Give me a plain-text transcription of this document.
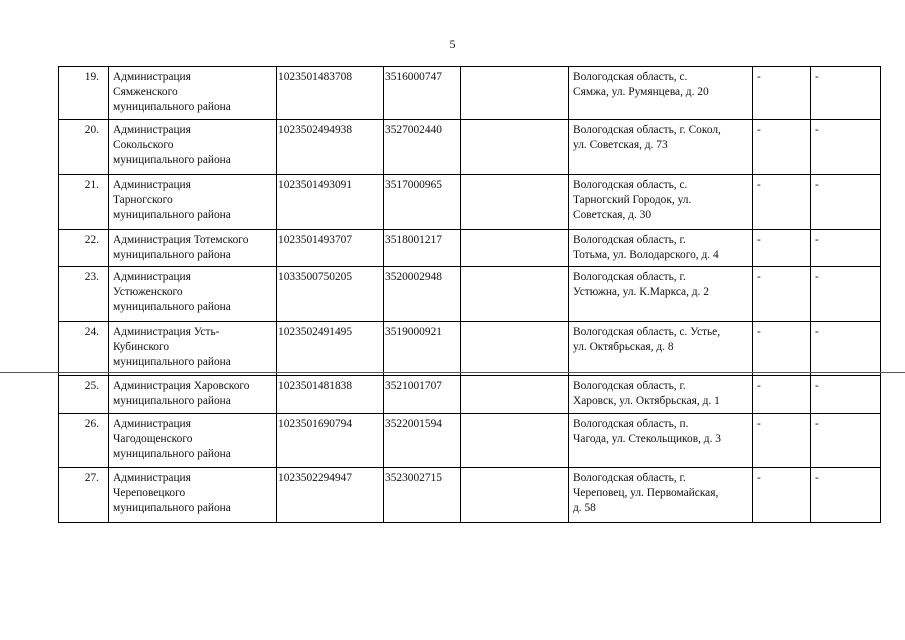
5
19.	Администрация
Сямженского
муниципального района	1023501483708	3516000747		Вологодская область, с.
Сямжа, ул. Румянцева, д. 20	-	-
20.	Администрация
Сокольского
муниципального района	1023502494938	3527002440		Вологодская область, г. Сокол,
ул. Советская, д. 73	-	-
21.	Администрация
Тарногского
муниципального района	1023501493091	3517000965		Вологодская область, с.
Тарногский Городок, ул.
Советская, д. 30	-	-
22.	Администрация Тотемского
муниципального района	1023501493707	3518001217		Вологодская область, г.
Тотьма, ул. Володарского, д. 4	-	-
23.	Администрация
Устюженского
муниципального района	1033500750205	3520002948		Вологодская область, г.
Устюжна, ул. К.Маркса, д. 2	-	-
24.	Администрация Усть-
Кубинского
муниципального района	1023502491495	3519000921		Вологодская область, с. Устье,
ул. Октябрьская, д. 8	-	-
25.	Администрация Харовского
муниципального района	1023501481838	3521001707		Вологодская область, г.
Харовск, ул. Октябрьская, д. 1	-	-
26.	Администрация
Чагодощенского
муниципального района	1023501690794	3522001594		Вологодская область, п.
Чагода, ул. Стекольщиков, д. 3	-	-
27.	Администрация
Череповецкого
муниципального района	1023502294947	3523002715		Вологодская область, г.
Череповец, ул. Первомайская,
д. 58	-	-
